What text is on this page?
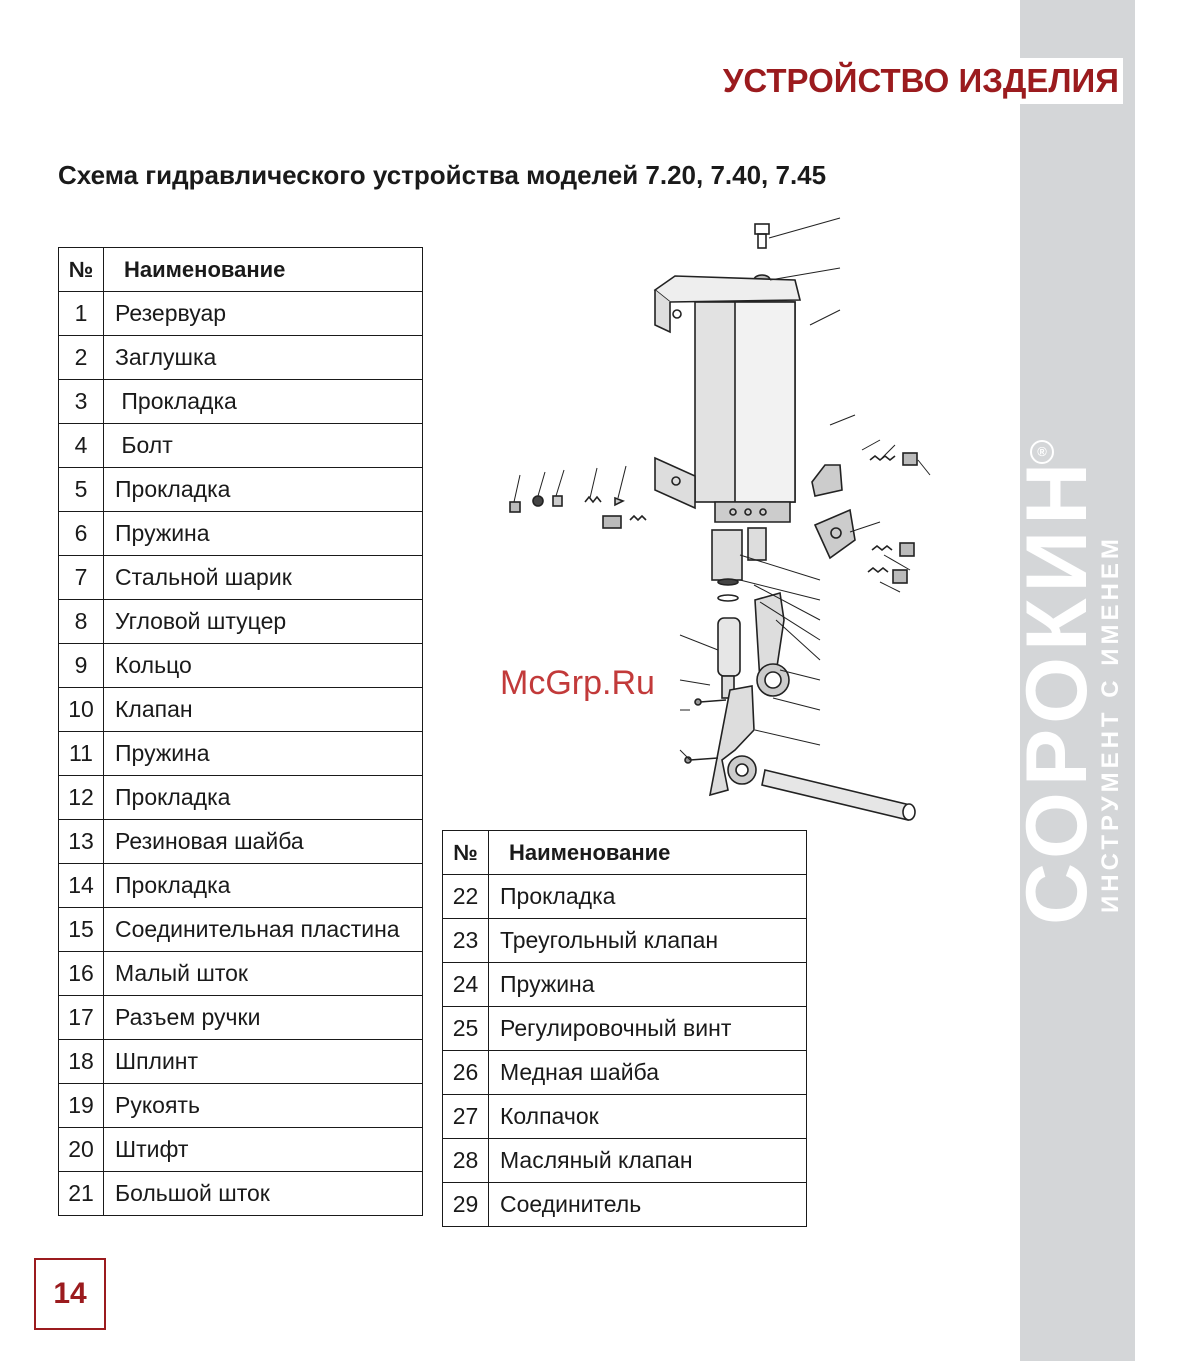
СОРОКИН
ИНСТРУМЕНТ С ИМЕНЕМ
®
УСТРОЙСТВО ИЗДЕЛИЯ
Схема гидравлического устройства моделей 7.20, 7.40, 7.45
№	Наименование
1	Резервуар
2	Заглушка
3	Прокладка
4	Болт
5	Прокладка
6	Пружина
7	Стальной шарик
8	Угловой штуцер
9	Кольцо
10	Клапан
11	Пружина
12	Прокладка
13	Резиновая шайба
14	Прокладка
15	Соединительная пластина
16	Малый шток
17	Разъем ручки
18	Шплинт
19	Рукоять
20	Штифт
21	Большой шток
№	Наименование
22	Прокладка
23	Треугольный клапан
24	Пружина
25	Регулировочный винт
26	Медная шайба
27	Колпачок
28	Масляный клапан
29	Соединитель
McGrp.Ru
14
